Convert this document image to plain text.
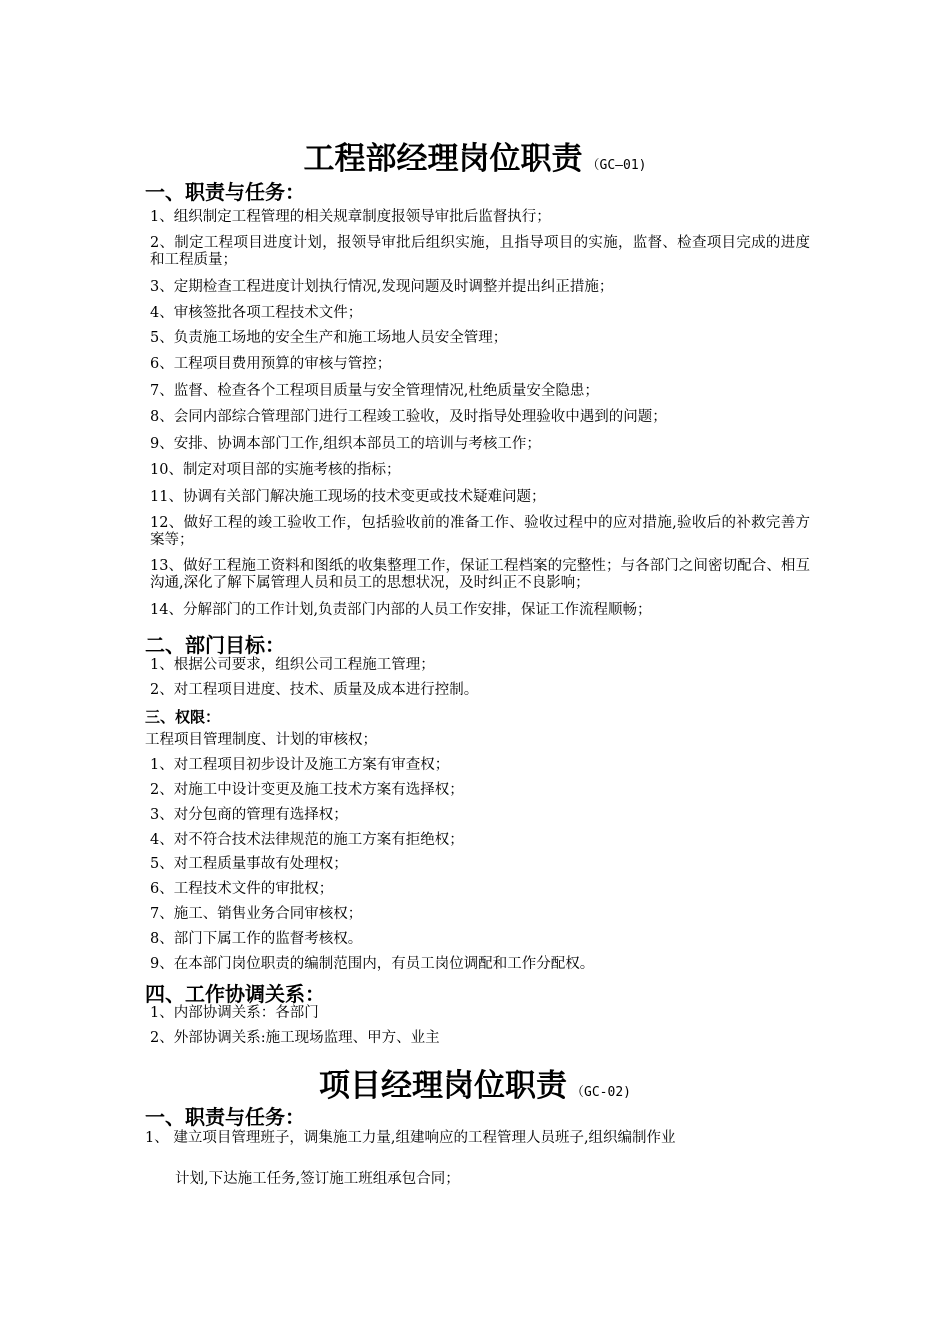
工程部经理岗位职责 （GC—01)
一、职责与任务：
1、组织制定工程管理的相关规章制度报领导审批后监督执行；
2、制定工程项目进度计划，报领导审批后组织实施，且指导项目的实施，监督、检查项目完成的进度和工程质量；
3、定期检查工程进度计划执行情况,发现问题及时调整并提出纠正措施；
4、审核签批各项工程技术文件；
5、负责施工场地的安全生产和施工场地人员安全管理；
6、工程项目费用预算的审核与管控；
7、监督、检查各个工程项目质量与安全管理情况,杜绝质量安全隐患；
8、会同内部综合管理部门进行工程竣工验收，及时指导处理验收中遇到的问题；
9、安排、协调本部门工作,组织本部员工的培训与考核工作；
10、制定对项目部的实施考核的指标；
11、协调有关部门解决施工现场的技术变更或技术疑难问题；
12、做好工程的竣工验收工作，包括验收前的准备工作、验收过程中的应对措施,验收后的补救完善方案等；
13、做好工程施工资料和图纸的收集整理工作，保证工程档案的完整性；与各部门之间密切配合、相互沟通,深化了解下属管理人员和员工的思想状况，及时纠正不良影响；
14、分解部门的工作计划,负责部门内部的人员工作安排，保证工作流程顺畅；
二、部门目标：
1、根据公司要求，组织公司工程施工管理；
2、对工程项目进度、技术、质量及成本进行控制。
三、权限：
工程项目管理制度、计划的审核权；
1、对工程项目初步设计及施工方案有审查权；
2、对施工中设计变更及施工技术方案有选择权；
3、对分包商的管理有选择权；
4、对不符合技术法律规范的施工方案有拒绝权；
5、对工程质量事故有处理权；
6、工程技术文件的审批权；
7、施工、销售业务合同审核权；
8、部门下属工作的监督考核权。
9、在本部门岗位职责的编制范围内，有员工岗位调配和工作分配权。
四、工作协调关系：
1、内部协调关系：各部门
2、外部协调关系:施工现场监理、甲方、业主
项目经理岗位职责 （GC-02)
一、职责与任务：
1、 建立项目管理班子，调集施工力量,组建响应的工程管理人员班子,组织编制作业
计划,下达施工任务,签订施工班组承包合同；
